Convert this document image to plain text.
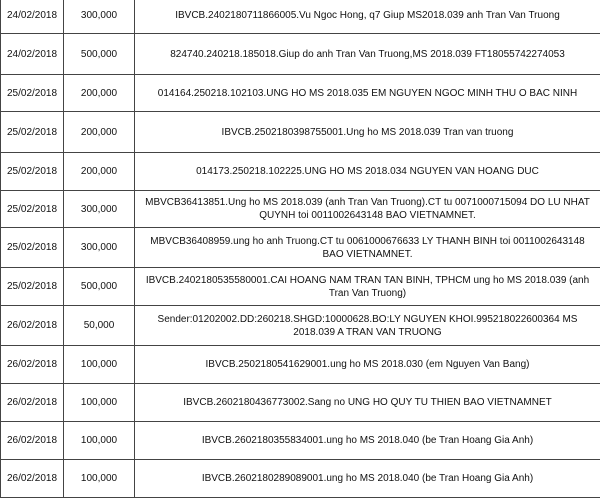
24/02/2018	300,000	IBVCB.2402180711866005.Vu Ngoc Hong, q7 Giup MS2018.039 anh Tran Van Truong
24/02/2018	500,000	824740.240218.185018.Giup do anh Tran Van Truong,MS 2018.039 FT18055742274053
25/02/2018	200,000	014164.250218.102103.UNG HO MS 2018.035 EM NGUYEN NGOC MINH THU O BAC NINH
25/02/2018	200,000	IBVCB.2502180398755001.Ung ho MS 2018.039 Tran van truong
25/02/2018	200,000	014173.250218.102225.UNG HO MS 2018.034 NGUYEN VAN HOANG DUC
25/02/2018	300,000	MBVCB36413851.Ung ho MS 2018.039 (anh Tran Van Truong).CT tu 0071000715094 DO LU NHAT QUYNH toi 0011002643148 BAO VIETNAMNET.
25/02/2018	300,000	MBVCB36408959.ung ho anh Truong.CT tu 0061000676633 LY THANH BINH toi 0011002643148 BAO VIETNAMNET.
25/02/2018	500,000	IBVCB.2402180535580001.CAI HOANG NAM TRAN TAN BINH, TPHCM ung ho MS 2018.039 (anh Tran Van Truong)
26/02/2018	50,000	Sender:01202002.DD:260218.SHGD:10000628.BO:LY NGUYEN KHOI.995218022600364 MS 2018.039 A TRAN VAN TRUONG
26/02/2018	100,000	IBVCB.2502180541629001.ung ho MS 2018.030 (em Nguyen Van Bang)
26/02/2018	100,000	IBVCB.2602180436773002.Sang no UNG HO QUY TU THIEN BAO VIETNAMNET
26/02/2018	100,000	IBVCB.2602180355834001.ung ho MS 2018.040 (be Tran Hoang Gia Anh)
26/02/2018	100,000	IBVCB.2602180289089001.ung ho MS 2018.040 (be Tran Hoang Gia Anh)
